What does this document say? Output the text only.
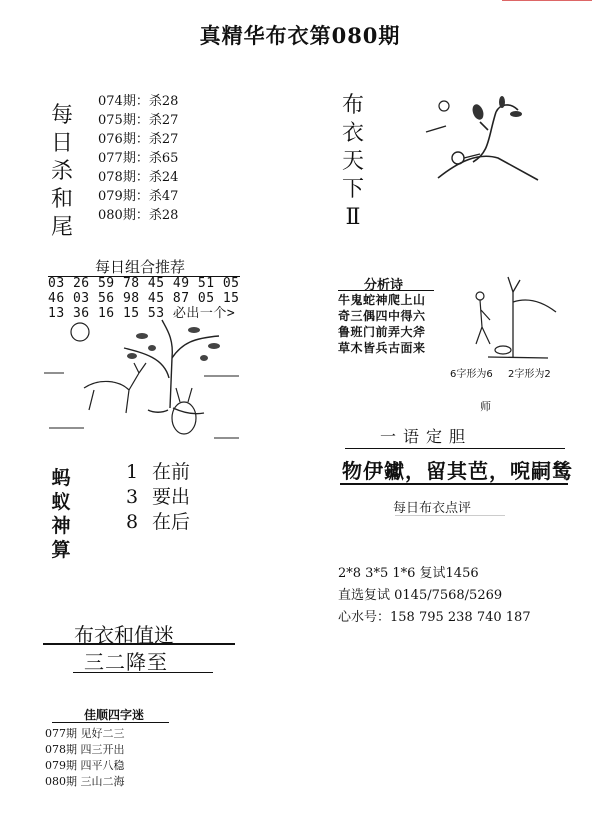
真精华布衣第080期
每
日
杀
和
尾
074期：杀28
075期：杀27
076期：杀27
077期：杀65
078期：杀24
079期：杀47
080期：杀28
每日组合推荐
03 26 59 78 45 49 51 05
46 03 56 98 45 87 05 15
13 36 16 15 53 必出一个>
蚂
蚁
神
算
1 在前
3 要出
8 在后
布衣和值迷
三二降至
佳顺四字迷
077期 见好二三
078期 四三开出
079期 四平八稳
080期 三山二海
布
衣
天
下
Ⅱ
分析诗
牛鬼蛇神爬上山
奇三偶四中得六
鲁班门前弄大斧
草木皆兵古面来
6字形为6 2字形为2
师
一语定胆
物伊钀，留其芭，唲嗣鸶
每日布衣点评
2*8 3*5 1*6 复试1456
直选复试 0145/7568/5269
心水号：158 795 238 740 187
